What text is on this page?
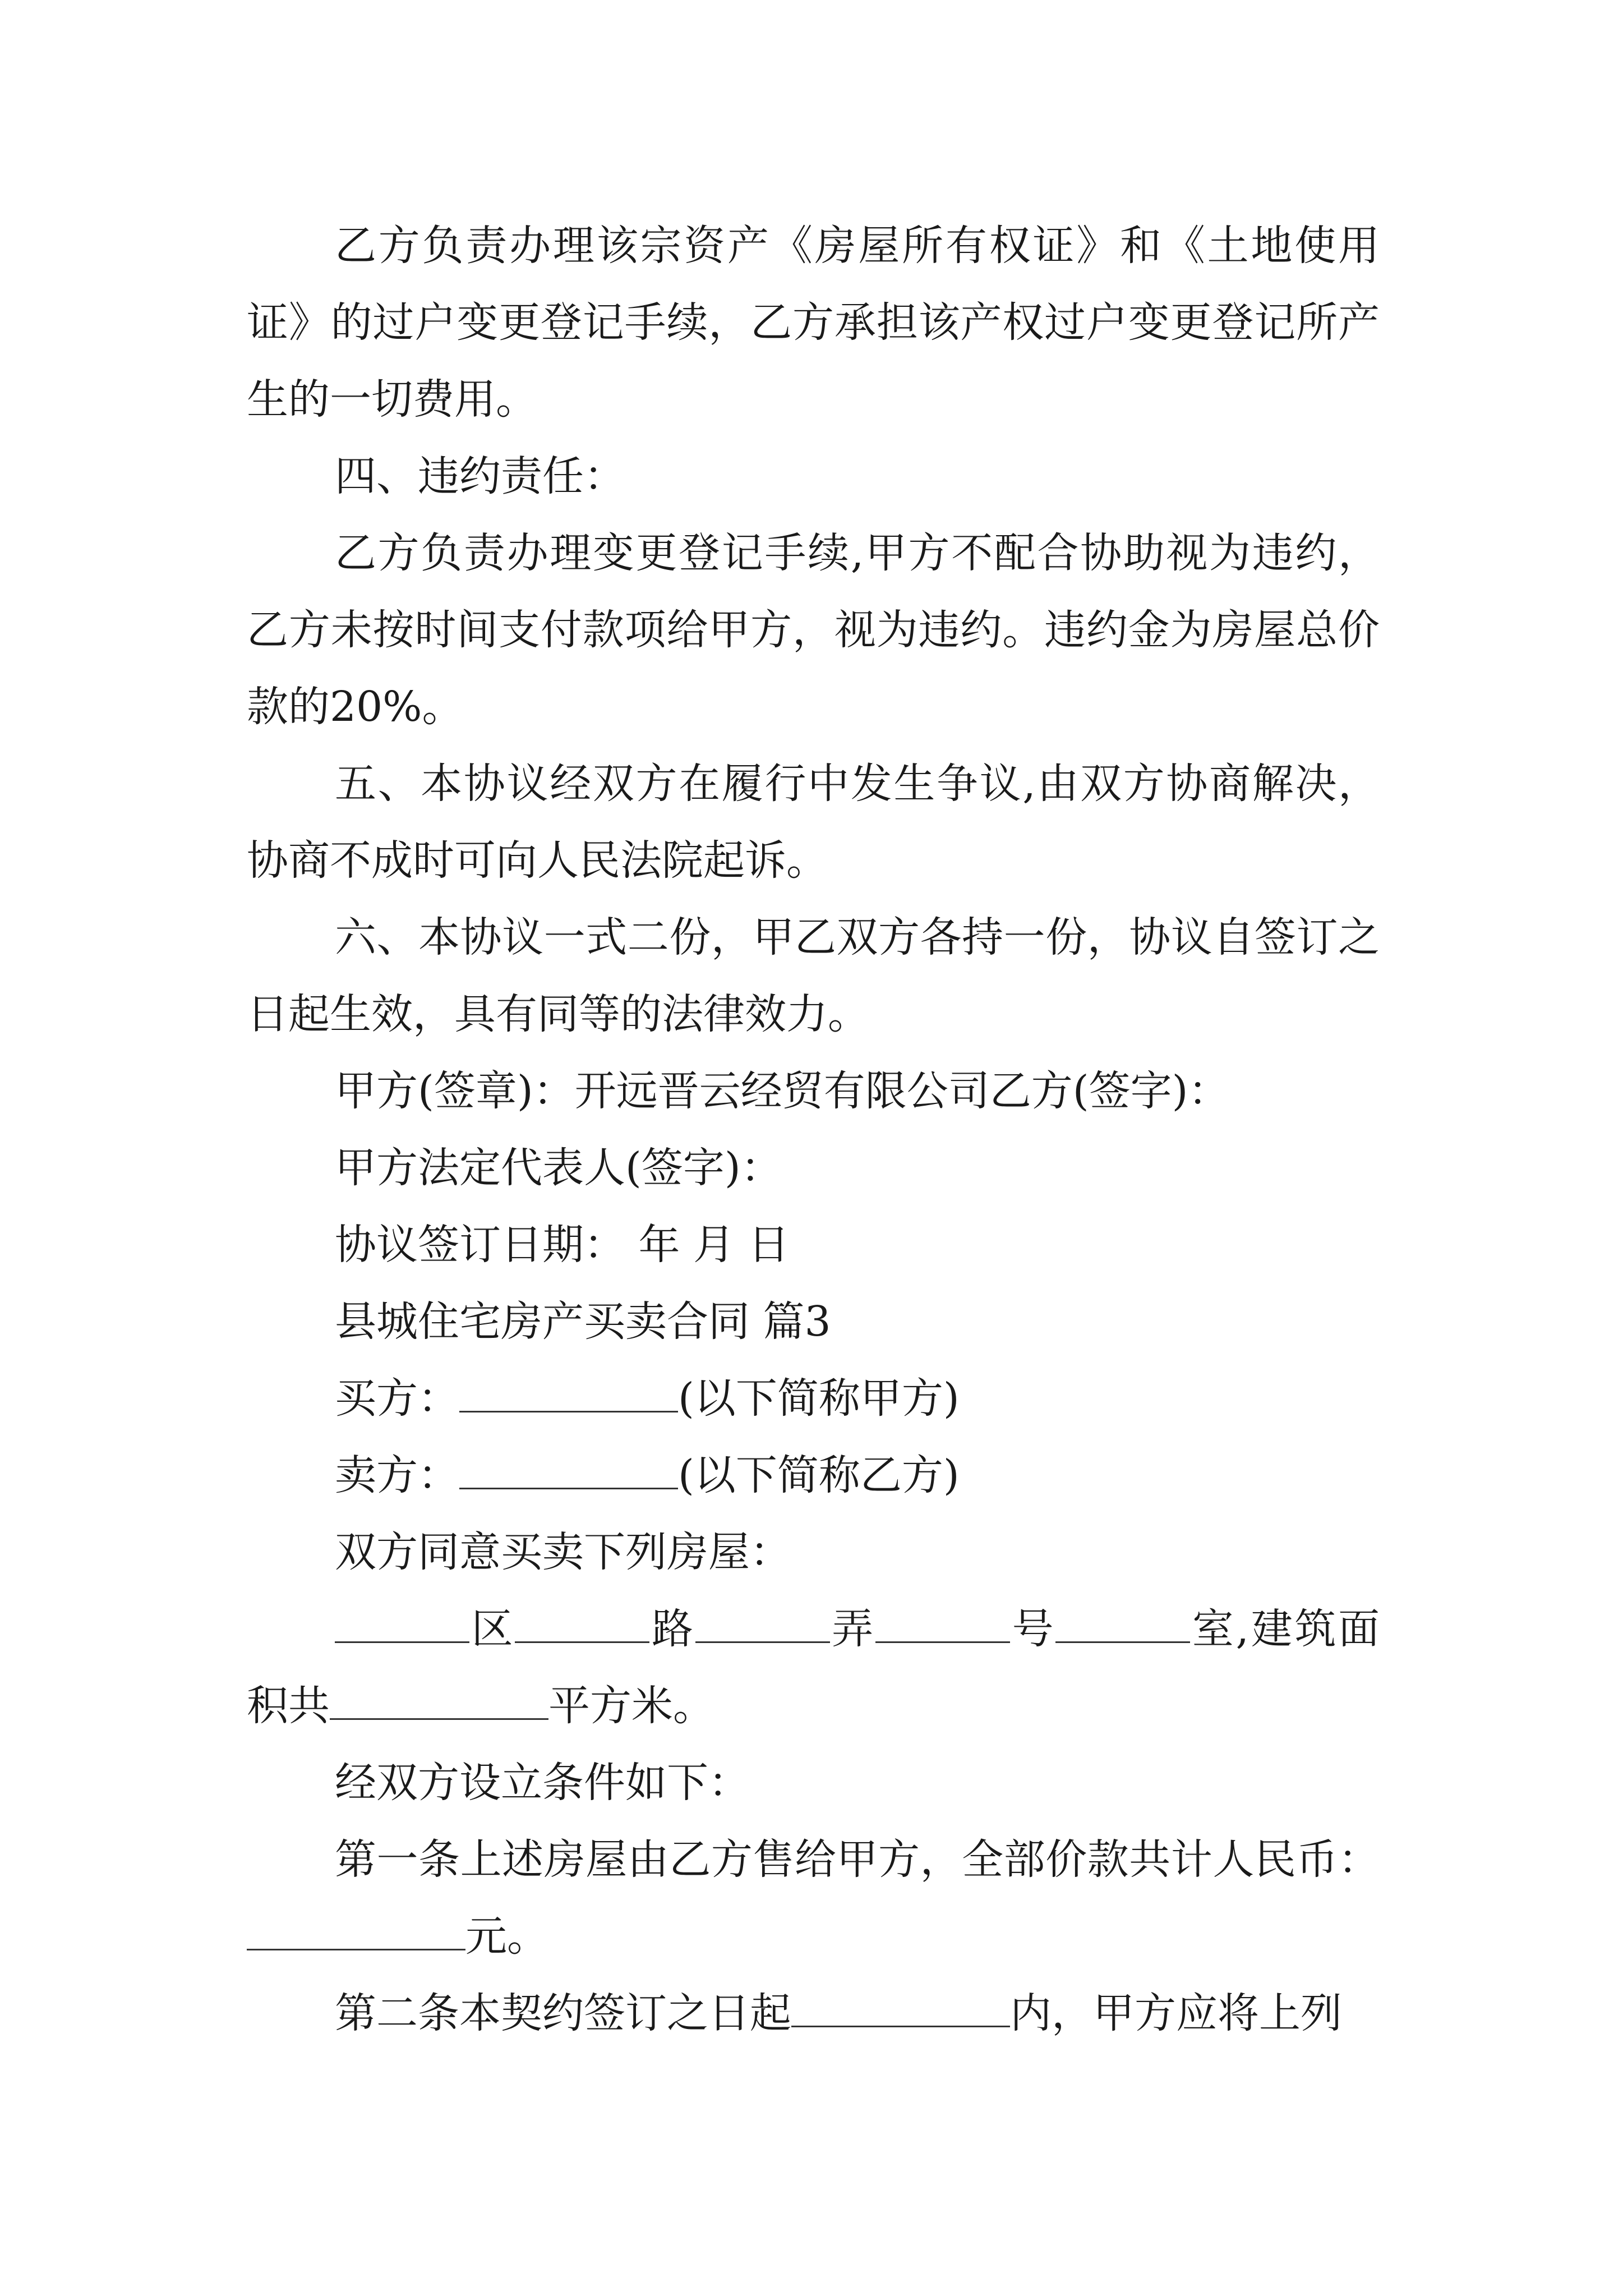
乙方负责办理该宗资产《房屋所有权证》和《土地使用证》的过户变更登记手续，乙方承担该产权过户变更登记所产生的一切费用。

四、违约责任：

乙方负责办理变更登记手续,甲方不配合协助视为违约，乙方未按时间支付款项给甲方，视为违约。违约金为房屋总价款的20%。

五、本协议经双方在履行中发生争议,由双方协商解决，协商不成时可向人民法院起诉。

六、本协议一式二份，甲乙双方各持一份，协议自签订之日起生效，具有同等的法律效力。

甲方(签章)：开远晋云经贸有限公司乙方(签字)：

甲方法定代表人(签字)：

协议签订日期： 年 月 日

县城住宅房产买卖合同 篇3

买方：	(以下简称甲方)

卖方：	(以下简称乙方)

双方同意买卖下列房屋：

区	路	弄	号	室,建筑面积共	平方米。

经双方设立条件如下：

第一条上述房屋由乙方售给甲方，全部价款共计人民币：元。

第二条本契约签订之日起	内，甲方应将上列
